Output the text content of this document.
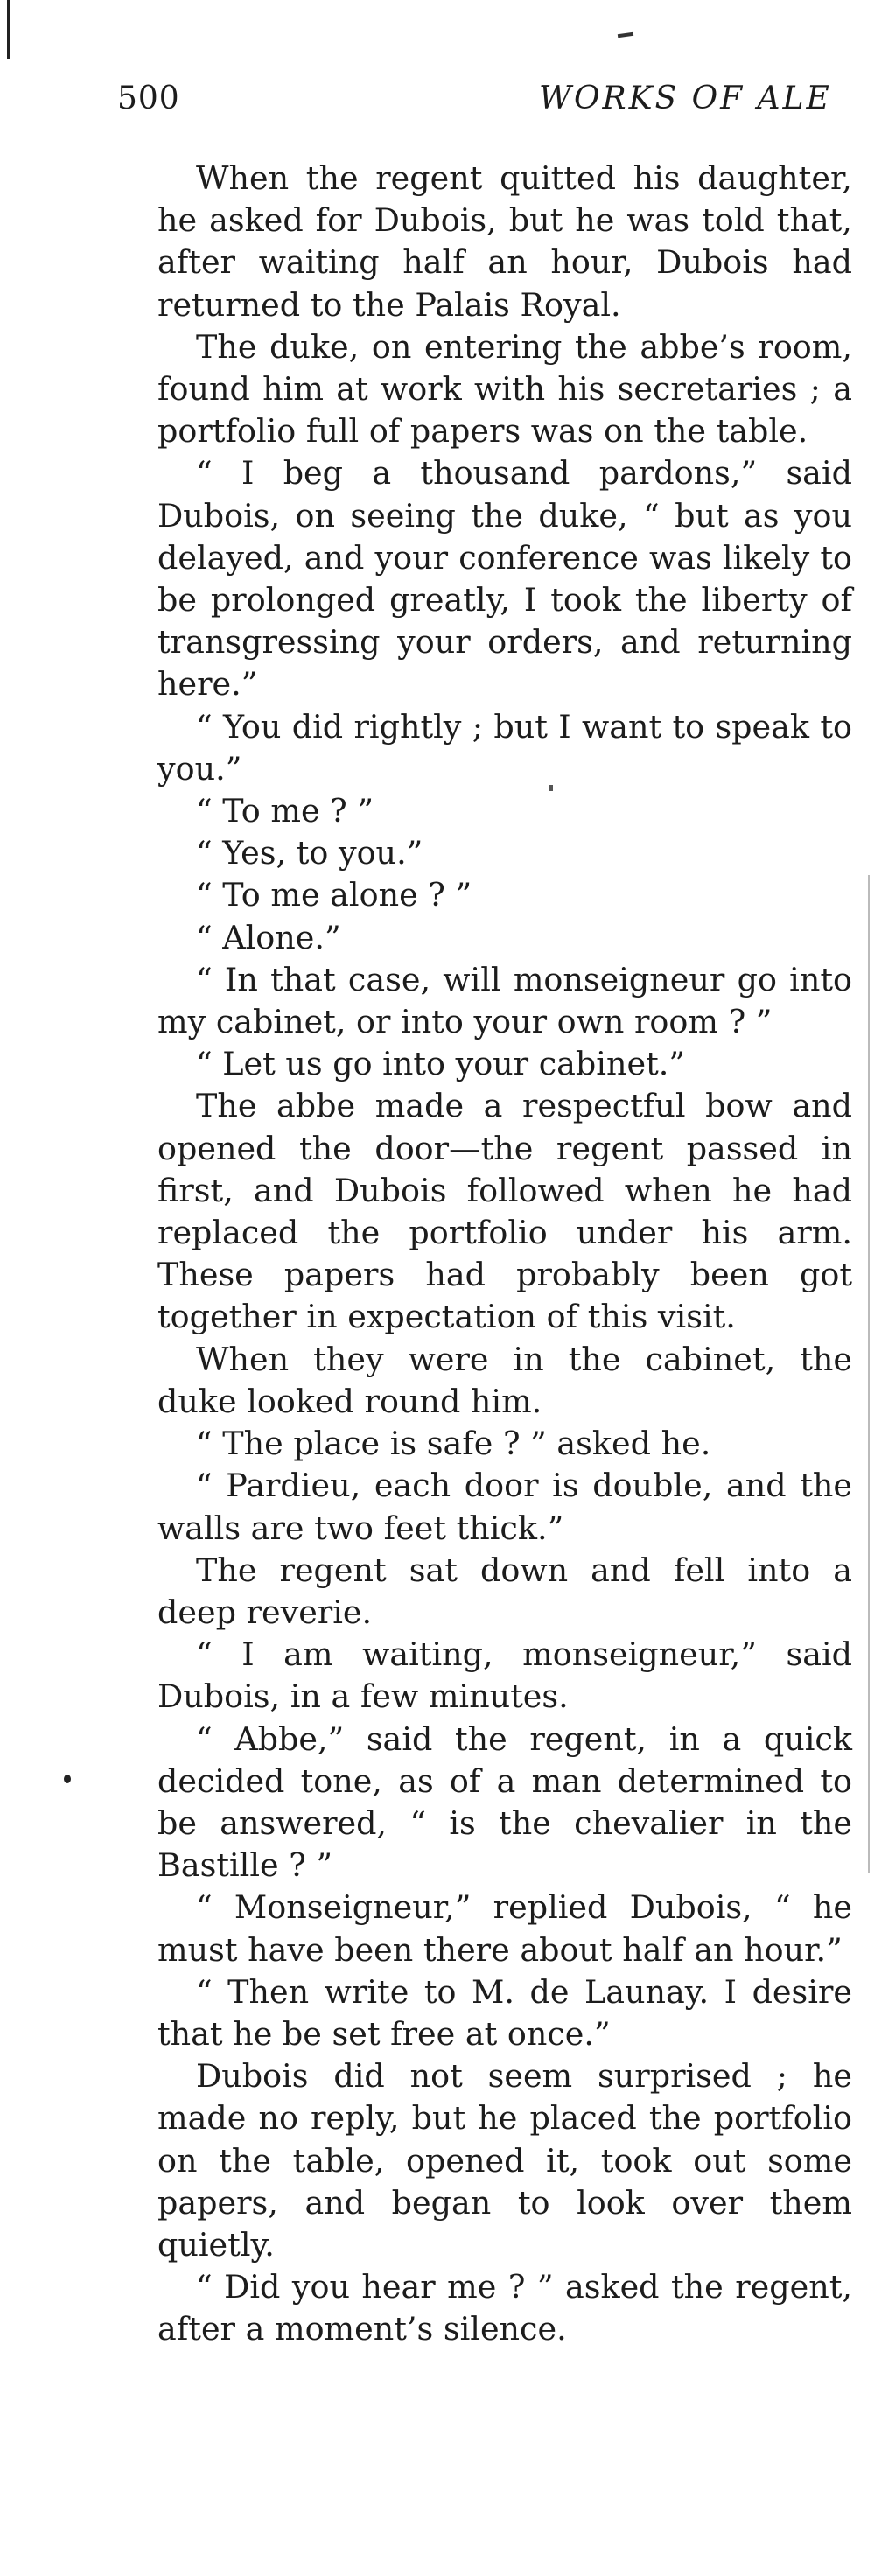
500	WORKS OF ALE

When the regent quitted his daughter, he asked for Dubois, but he was told that, after waiting half an hour, Dubois had returned to the Palais Royal.

The duke, on entering the abbe’s room, found him at work with his secretaries ; a portfolio full of papers was on the table.

“ I beg a thousand pardons,” said Dubois, on seeing the duke, “ but as you delayed, and your conference was likely to be prolonged greatly, I took the liberty of transgressing your orders, and returning here.”

“ You did rightly ; but I want to speak to you.”

“ To me ? ”

“ Yes, to you.”

“ To me alone ? ”

“ Alone.”

“ In that case, will monseigneur go into my cabinet, or into your own room ? ”

“ Let us go into your cabinet.”

The abbe made a respectful bow and opened the door—the regent passed in first, and Dubois followed when he had replaced the portfolio under his arm. These papers had probably been got together in expectation of this visit.

When they were in the cabinet, the duke looked round him.

“ The place is safe ? ” asked he.

“ Pardieu, each door is double, and the walls are two feet thick.”

The regent sat down and fell into a deep reverie.

“ I am waiting, monseigneur,” said Dubois, in a few minutes.

“ Abbe,” said the regent, in a quick decided tone, as of a man determined to be answered, “ is the chevalier in the Bastille ? ”

“ Monseigneur,” replied Dubois, “ he must have been there about half an hour.”

“ Then write to M. de Launay. I desire that he be set free at once.”

Dubois did not seem surprised ; he made no reply, but he placed the portfolio on the table, opened it, took out some papers, and began to look over them quietly.

“ Did you hear me ? ” asked the regent, after a moment’s silence.
